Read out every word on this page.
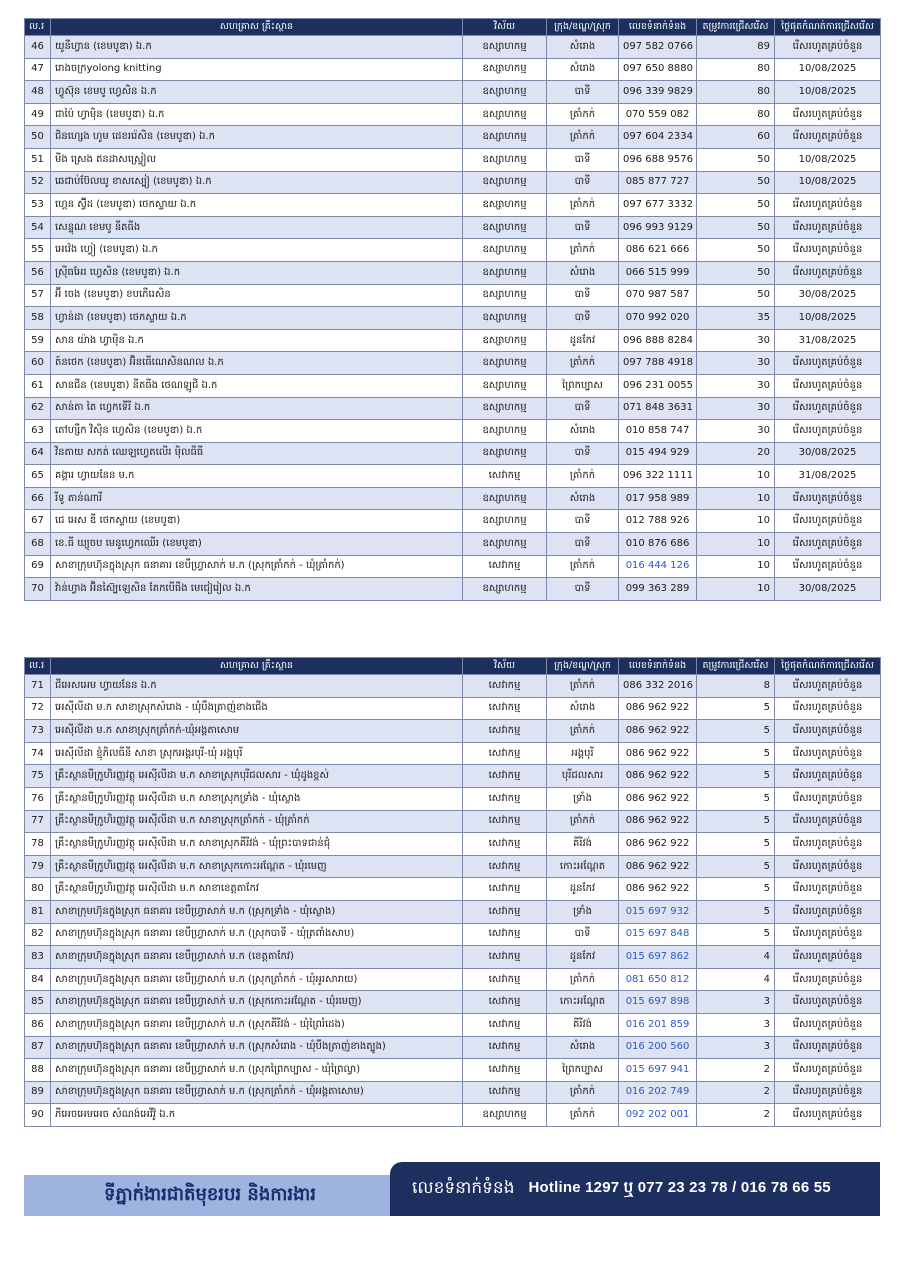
ល.រ	សហគ្រាស គ្រឹះស្ថាន	វិស័យ	ក្រុង/ខណ្ឌ/ស្រុក	លេខទំនាក់ទំនង	តម្រូវការជ្រើសរើស	ថ្ងៃផុតកំណត់ការជ្រើសរើស
46	យូនីហ្វាន (ខេមបូឌា) ឯ.ក	ឧស្សាហកម្ម	សំរោង	097 582 0766	89	រើសរហូតគ្រប់ចំនួន
47	រោងចក្រyolong knitting	ឧស្សាហកម្ម	សំរោង	097 650 8880	80	10/08/2025
48	ហ្វូស៊ុន ខេមបូ ហ្វេសិន ឯ.ក	ឧស្សាហកម្ម	បាទី	096 339 9829	80	10/08/2025
49	ជាប៉ៃ ហ្វាម៉ិន (ខេមបូឌា) ឯ.ក	ឧស្សាហកម្ម	ត្រាំកក់	070 559 082	80	រើសរហូតគ្រប់ចំនួន
50	ជិនហ្សេង ហូម ដេខររ៉េសិន (ខេមបូឌា) ឯ.ក	ឧស្សាហកម្ម	ត្រាំកក់	097 604 2334	60	រើសរហូតគ្រប់ចំនួន
51	មីង ស្រេង ឥនដាសស្រ្ទៀល	ឧស្សាហកម្ម	បាទី	096 688 9576	50	10/08/2025
52	ឆេជាប់ប៊ែលឃូ ខាសស្បៀ (ខេមបូឌា) ឯ.ក	ឧស្សាហកម្ម	បាទី	085 877 727	50	10/08/2025
53	ហ្គេន ស៊្វីដ (ខេមបូឌា) ថេកស្ទាយ ឯ.ក	ឧស្សាហកម្ម	ត្រាំកក់	097 677 3332	50	រើសរហូតគ្រប់ចំនួន
54	សេន្ទុណ ខេមបូ នីតធីង	ឧស្សាហកម្ម	បាទី	096 993 9129	50	រើសរហូតគ្រប់ចំនួន
55	អេវ៉េង ហ្វៀ (ខេមបូឌា) ឯ.ក	ឧស្សាហកម្ម	ត្រាំកក់	086 621 666	50	រើសរហូតគ្រប់ចំនួន
56	ស្រ៊ីធអែរ ហ្វេសិន (ខេមបូឌា) ឯ.ក	ឧស្សាហកម្ម	សំរោង	066 515 999	50	រើសរហូតគ្រប់ចំនួន
57	អ៊ី ចេង (ខេមបូឌា) ខបភើរេសិន	ឧស្សាហកម្ម	បាទី	070 987 587	50	30/08/2025
58	ហ្វាន់ដា (ខេមបូឌា) ថេកស្ទាយ ឯ.ក	ឧស្សាហកម្ម	បាទី	070 992 020	35	10/08/2025
59	សាន យ៉ាង ហ្វាម៉ិន ឯ.ក	ឧស្សាហកម្ម	ដូនកែវ	096 888 8284	30	31/08/2025
60	ត៍នថេក (ខេមបូឌា) អ៊ិនធើណេសិនណល ឯ.ក	ឧស្សាហកម្ម	ត្រាំកក់	097 788 4918	30	រើសរហូតគ្រប់ចំនួន
61	សានជីន (ខេមបូឌា) នីតធីង ថេណឡូជី ឯ.ក	ឧស្សាហកម្ម	ព្រៃកប្បាស	096 231 0055	30	រើសរហូតគ្រប់ចំនួន
62	សាន់តា តៃ ហ្វេកទើរី ឯ.ក	ឧស្សាហកម្ម	បាទី	071 848 3631	30	រើសរហូតគ្រប់ចំនួន
63	តៅហ្សឺក វិស៊ិន ហ្វេសិន (ខេមបូឌា) ឯ.ក	ឧស្សាហកម្ម	សំរោង	010 858 747	30	រើសរហូតគ្រប់ចំនួន
64	វិនតាយ សកត់ ឈេឡហ្វេតលើរ ម៉ិលធីធី	ឧស្សាហកម្ម	បាទី	015 494 929	20	30/08/2025
65	គង្គារ ហ្វាយនែន ម.ក	សេវាកម្ម	ត្រាំកក់	096 322 1111	10	31/08/2025
66	រីទូ តាន់ណារី	ឧស្សាហកម្ម	សំរោង	017 958 989	10	រើសរហូតគ្រប់ចំនួន
67	ជេ អេស ឌី ថេកស្ទាយ (ខេមបូឌា)	ឧស្សាហកម្ម	បាទី	012 788 926	10	រើសរហូតគ្រប់ចំនួន
68	ខេ.ធី ឃ្យុចប មេនូហ្វេកឈើរ (ខេមបូឌា)	ឧស្សាហកម្ម	បាទី	010 876 686	10	រើសរហូតគ្រប់ចំនួន
69	សាខាក្រុមហ៊ុនក្នុងស្រុក ធនាគារ ខេបឺហ្វ្រាសាក់ ម.ក (ស្រុកត្រាំកក់ - ឃុំត្រាំកក់)	សេវាកម្ម	ត្រាំកក់	016 444 126	10	រើសរហូតគ្រប់ចំនួន
70	វ៉ាន់ហ្វាង អ៊ិនស៊្បៃឡេសិន តែកបើធីង មេជៀរៀល ឯ.ក	ឧស្សាហកម្ម	បាទី	099 363 289	10	30/08/2025
ល.រ	សហគ្រាស គ្រឹះស្ថាន	វិស័យ	ក្រុង/ខណ្ឌ/ស្រុក	លេខទំនាក់ទំនង	តម្រូវការជ្រើសរើស	ថ្ងៃផុតកំណត់ការជ្រើសរើស
71	ជីអេសអេម ហ្វាយនែន ឯ.ក	សេវាកម្ម	ត្រាំកក់	086 332 2016	8	រើសរហូតគ្រប់ចំនួន
72	អេស៊ីលីដា ម.ក សាខាស្រុកសំរោង - ឃុំបឹងត្រាញ់ខាងជើង	សេវាកម្ម	សំរោង	086 962 922	5	រើសរហូតគ្រប់ចំនួន
73	អេស៊ីលីដា ម.ក សាខាស្រុកត្រាំកក់-ឃុំអង្គតាសោម	សេវាកម្ម	ត្រាំកក់	086 962 922	5	រើសរហូតគ្រប់ចំនួន
74	អេស៊ីលីដា ខ្មុំភិលធីនី សាខា ស្រុកអង្គរបុរី-ឃុំ អង្គបុរី	សេវាកម្ម	អង្គបុរី	086 962 922	5	រើសរហូតគ្រប់ចំនួន
75	គ្រឹះស្ថានមីក្រូហិរញ្ញវត្ថុ អេស៊ីលីដា ម.ក សាខាស្រុកបុរីជលសារ - ឃុំដូងខ្ពស់	សេវាកម្ម	បុរីជលសារ	086 962 922	5	រើសរហូតគ្រប់ចំនួន
76	គ្រឹះស្ថានមីក្រូហិរញ្ញវត្ថុ អេស៊ីលីដា ម.ក សាខាស្រុកទ្រាំង - ឃុំស្លោង	សេវាកម្ម	ទ្រាំង	086 962 922	5	រើសរហូតគ្រប់ចំនួន
77	គ្រឹះស្ថានមីក្រូហិរញ្ញវត្ថុ អេស៊ីលីដា ម.ក សាខាស្រុកត្រាំកក់ - ឃុំត្រាំកក់	សេវាកម្ម	ត្រាំកក់	086 962 922	5	រើសរហូតគ្រប់ចំនួន
78	គ្រឹះស្ថានមីក្រូហិរញ្ញវត្ថុ អេស៊ីលីដា ម.ក សាខាស្រុកគីរីវង់ - ឃុំព្រះបាទជាន់ជុំ	សេវាកម្ម	គីរីវង់	086 962 922	5	រើសរហូតគ្រប់ចំនួន
79	គ្រឹះស្ថានមីក្រូហិរញ្ញវត្ថុ អេស៊ីលីដា ម.ក សាខាស្រុកកោះអណ្ដែត - ឃុំរមេញ	សេវាកម្ម	កោះអណ្ដែត	086 962 922	5	រើសរហូតគ្រប់ចំនួន
80	គ្រឹះស្ថានមីក្រូហិរញ្ញវត្ថុ អេស៊ីលីដា ម.ក សាខាខេត្តតាកែវ	សេវាកម្ម	ដូនកែវ	086 962 922	5	រើសរហូតគ្រប់ចំនួន
81	សាខាក្រុមហ៊ុនក្នុងស្រុក ធនាគារ ខេបឺហ្វ្រាសាក់ ម.ក (ស្រុកទ្រាំង - ឃុំស្លោង)	សេវាកម្ម	ទ្រាំង	015 697 932	5	រើសរហូតគ្រប់ចំនួន
82	សាខាក្រុមហ៊ុនក្នុងស្រុក ធនាគារ ខេបឺហ្វ្រាសាក់ ម.ក (ស្រុកបាទី - ឃុំត្រពាំងសាប)	សេវាកម្ម	បាទី	015 697 848	5	រើសរហូតគ្រប់ចំនួន
83	សាខាក្រុមហ៊ុនក្នុងស្រុក ធនាគារ ខេបឺហ្វ្រាសាក់ ម.ក (ខេត្តតាកែវ)	សេវាកម្ម	ដូនកែវ	015 697 862	4	រើសរហូតគ្រប់ចំនួន
84	សាខាក្រុមហ៊ុនក្នុងស្រុក ធនាគារ ខេបឺហ្វ្រាសាក់ ម.ក (ស្រុកត្រាំកក់ - ឃុំអូរសារាយ)	សេវាកម្ម	ត្រាំកក់	081 650 812	4	រើសរហូតគ្រប់ចំនួន
85	សាខាក្រុមហ៊ុនក្នុងស្រុក ធនាគារ ខេបឺហ្វ្រាសាក់ ម.ក (ស្រុកកោះអណ្ដែត - ឃុំរមេញ)	សេវាកម្ម	កោះអណ្ដែត	015 697 898	3	រើសរហូតគ្រប់ចំនួន
86	សាខាក្រុមហ៊ុនក្នុងស្រុក ធនាគារ ខេបឺហ្វ្រាសាក់ ម.ក (ស្រុកគីរីវង់ - ឃុំព្រៃរំដេង)	សេវាកម្ម	គីរីវង់	016 201 859	3	រើសរហូតគ្រប់ចំនួន
87	សាខាក្រុមហ៊ុនក្នុងស្រុក ធនាគារ ខេបឺហ្វ្រាសាក់ ម.ក (ស្រុកសំរោង - ឃុំបឹងត្រាញ់ខាងត្បូង)	សេវាកម្ម	សំរោង	016 200 560	3	រើសរហូតគ្រប់ចំនួន
88	សាខាក្រុមហ៊ុនក្នុងស្រុក ធនាគារ ខេបឺហ្វ្រាសាក់ ម.ក (ស្រុកព្រៃកប្បាស - ឃុំព្រៃល្វា)	សេវាកម្ម	ព្រៃកប្បាស	015 697 941	2	រើសរហូតគ្រប់ចំនួន
89	សាខាក្រុមហ៊ុនក្នុងស្រុក ធនាគារ ខេបឺហ្វ្រាសាក់ ម.ក (ស្រុកត្រាំកក់ - ឃុំអង្គតាសោម)	សេវាកម្ម	ត្រាំកក់	016 202 749	2	រើសរហូតគ្រប់ចំនួន
90	ភីអេចអេមអេច សំណង់អេវីវ៉ូ ឯ.ក	ឧស្សាហកម្ម	ត្រាំកក់	092 202 001	2	រើសរហូតគ្រប់ចំនួន
ទីភ្នាក់ងារជាតិមុខរបរ និងការងារ	លេខទំនាក់ទំនង Hotline 1297 ឬ 077 23 23 78 / 016 78 66 55
